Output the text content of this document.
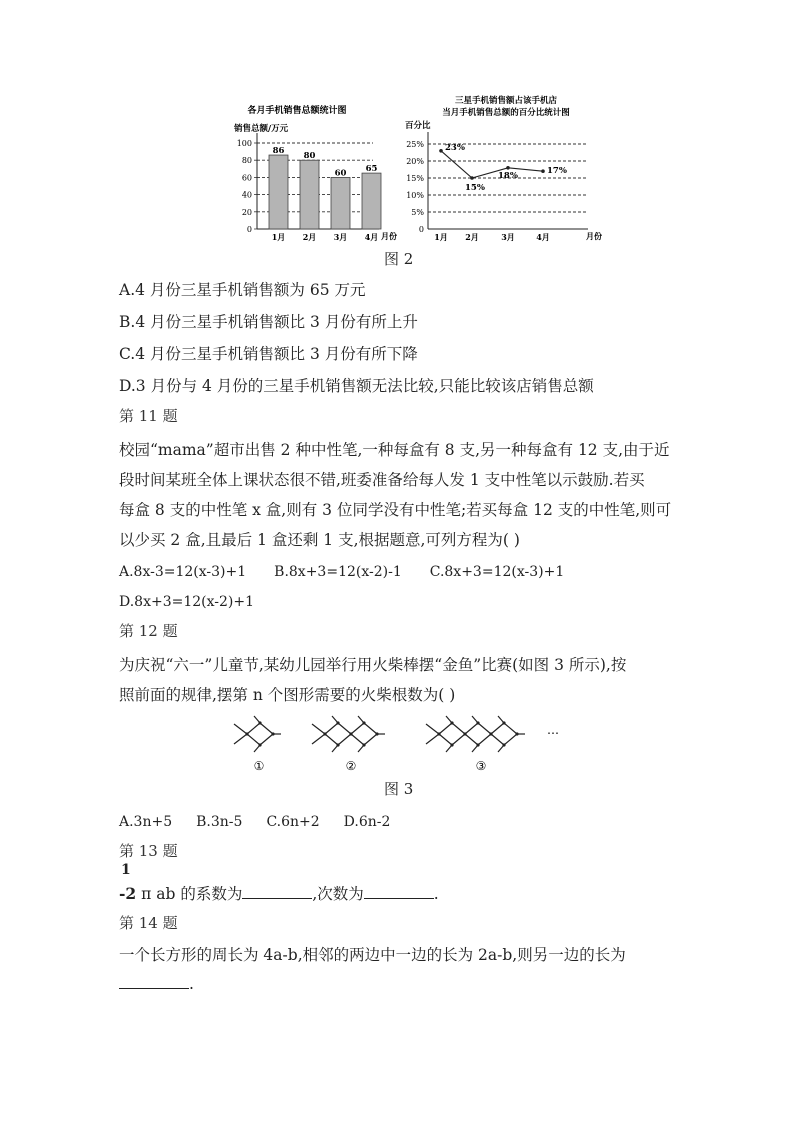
各月手机销售总额统计图
销售总额/万元
0
20
40
60
80
100
86
1月
80
2月
60
3月
65
4月 月份
三星手机销售额占该手机店
当月手机销售总额的百分比统计图
百分比
0
5%
10%
15%
20%
25% 23%
1月
15%
2月
18%
3月
17%
4月	月份
图 2
A.4 月份三星手机销售额为 65 万元
B.4 月份三星手机销售额比 3 月份有所上升
C.4 月份三星手机销售额比 3 月份有所下降
D.3 月份与 4 月份的三星手机销售额无法比较,只能比较该店销售总额
第 11 题
校园“mama”超市出售 2 种中性笔,一种每盒有 8 支,另一种每盒有 12 支,由于近
段时间某班全体上课状态很不错,班委准备给每人发 1 支中性笔以示鼓励.若买
每盒 8 支的中性笔 x 盒,则有 3 位同学没有中性笔;若买每盒 12 支的中性笔,则可
以少买 2 盒,且最后 1 盒还剩 1 支,根据题意,可列方程为( )
A.8x-3=12(x-3)+1 B.8x+3=12(x-2)-1 C.8x+3=12(x-3)+1
D.8x+3=12(x-2)+1
第 12 题
为庆祝“六一”儿童节,某幼儿园举行用火柴棒摆“金鱼”比赛(如图 3 所示),按
照前面的规律,摆第 n 个图形需要的火柴根数为( )
①	②	③
…
图 3
A.3n+5 B.3n-5 C.6n+2 D.6n-2
第 13 题
1
-2 π ab 的系数为	,次数为	.
第 14 题
一个长方形的周长为 4a-b,相邻的两边中一边的长为 2a-b,则另一边的长为
.
